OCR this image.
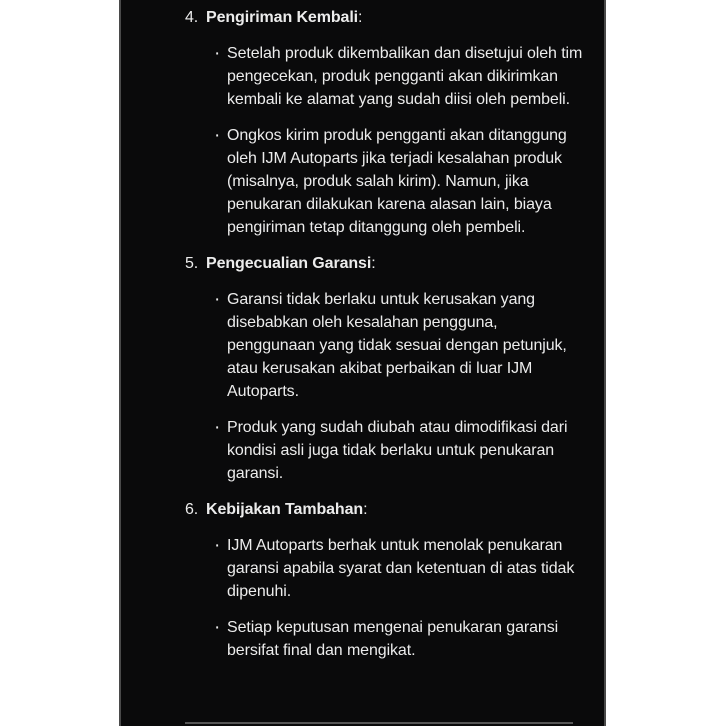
4. Pengiriman Kembali:
· Setelah produk dikembalikan dan disetujui oleh tim pengecekan, produk pengganti akan dikirimkan kembali ke alamat yang sudah diisi oleh pembeli.
· Ongkos kirim produk pengganti akan ditanggung oleh IJM Autoparts jika terjadi kesalahan produk (misalnya, produk salah kirim). Namun, jika penukaran dilakukan karena alasan lain, biaya pengiriman tetap ditanggung oleh pembeli.
5. Pengecualian Garansi:
· Garansi tidak berlaku untuk kerusakan yang disebabkan oleh kesalahan pengguna, penggunaan yang tidak sesuai dengan petunjuk, atau kerusakan akibat perbaikan di luar IJM Autoparts.
· Produk yang sudah diubah atau dimodifikasi dari kondisi asli juga tidak berlaku untuk penukaran garansi.
6. Kebijakan Tambahan:
· IJM Autoparts berhak untuk menolak penukaran garansi apabila syarat dan ketentuan di atas tidak dipenuhi.
· Setiap keputusan mengenai penukaran garansi bersifat final dan mengikat.
